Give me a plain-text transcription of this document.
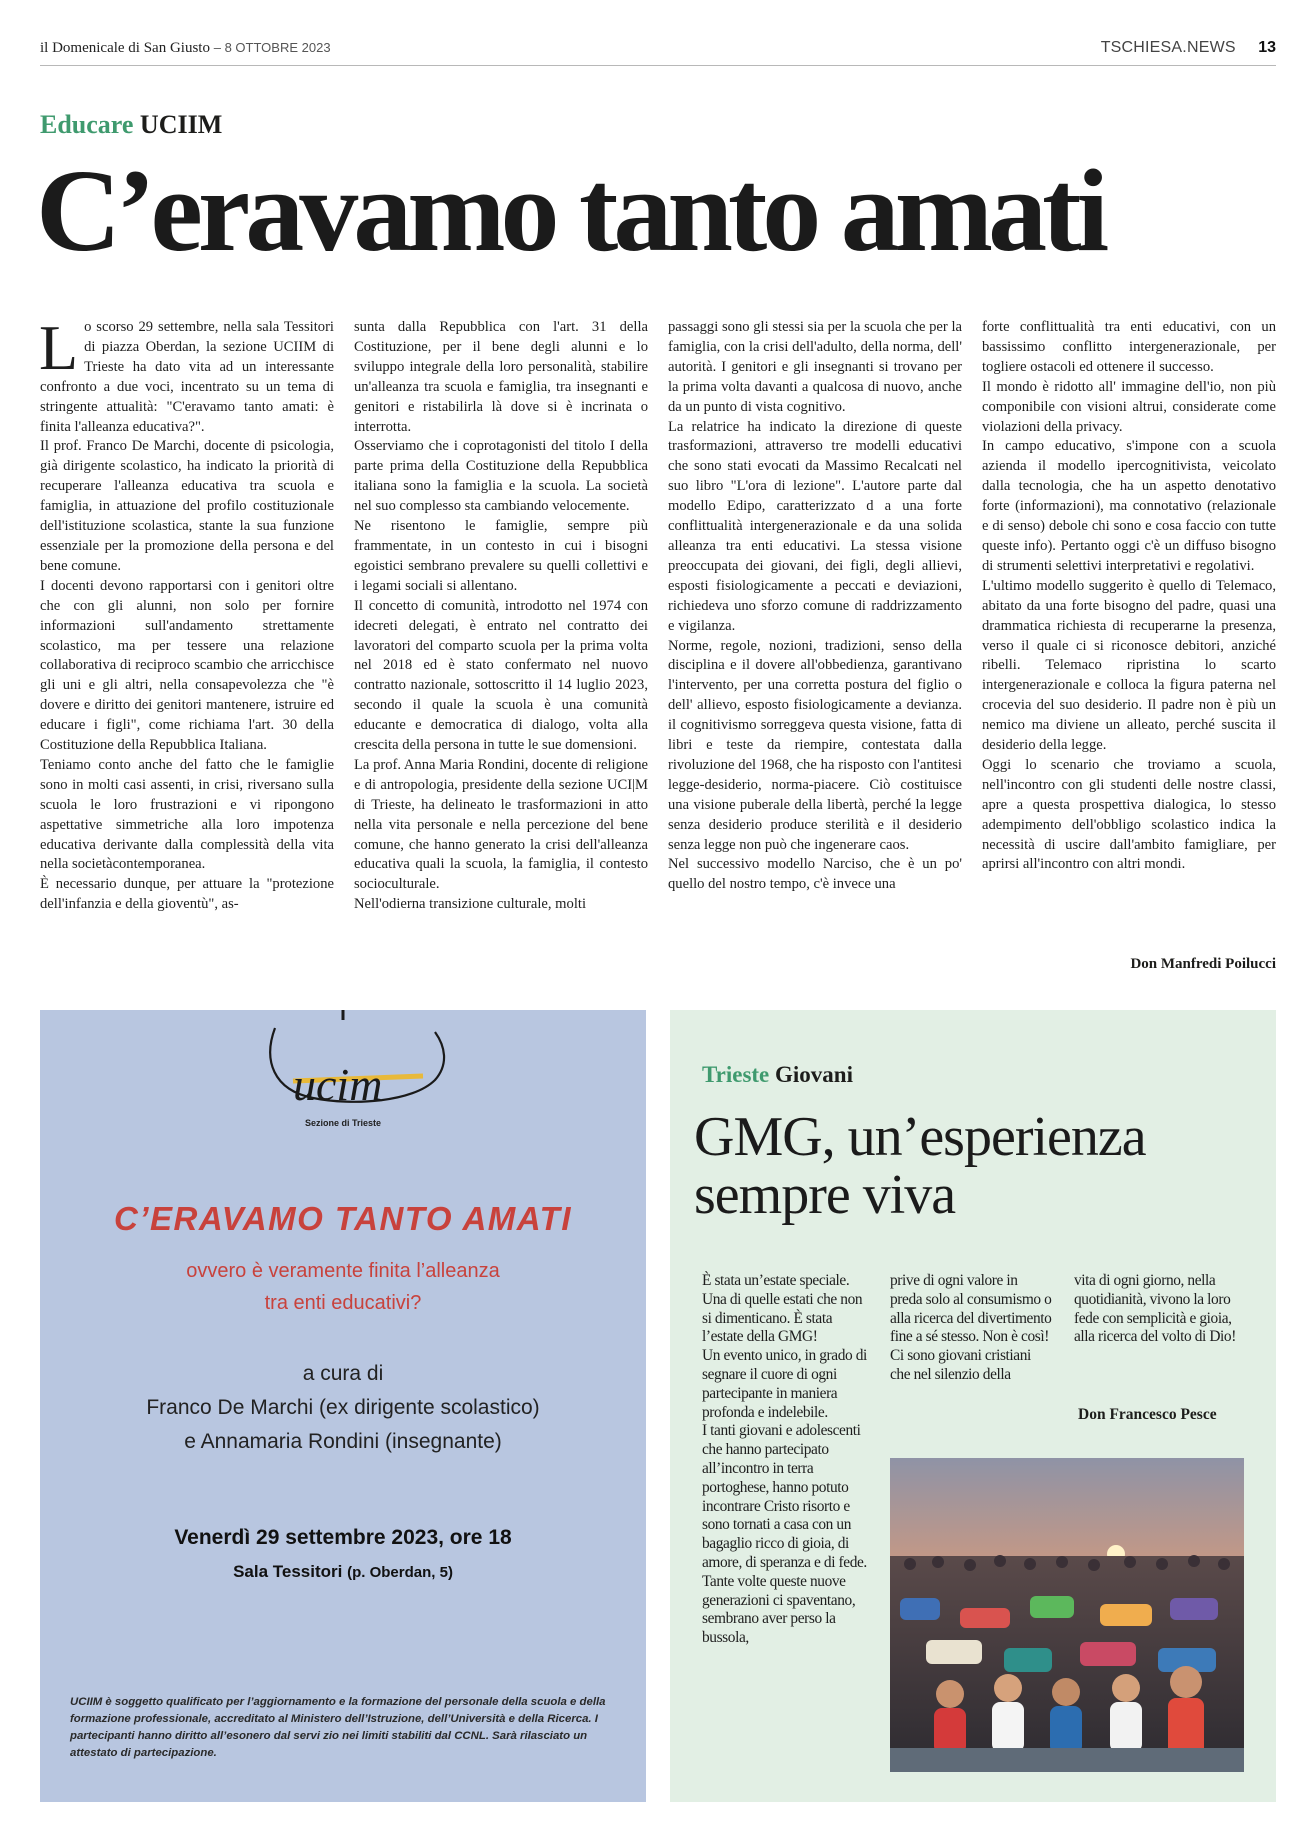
il Domenicale di San Giusto – 8 OTTOBRE 2023	TSCHIESA.NEWS 13
Educare UCIIM
C’eravamo tanto amati

Lo scorso 29 settembre, nella sala Tessitori di piazza Oberdan, la sezione UCIIM di Trieste ha dato vita ad un interessante confronto a due voci, incentrato su un tema di stringente attualità: "C'eravamo tanto amati: è finita l'alleanza educativa?".

Il prof. Franco De Marchi, docente di psicologia, già dirigente scolastico, ha indicato la priorità di recuperare l'alleanza educativa tra scuola e famiglia, in attuazione del profilo costituzionale dell'istituzione scolastica, stante la sua funzione essenziale per la promozione della persona e del bene comune.

I docenti devono rapportarsi con i genitori oltre che con gli alunni, non solo per fornire informazioni sull'andamento strettamente scolastico, ma per tessere una relazione collaborativa di reciproco scambio che arricchisce gli uni e gli altri, nella consapevolezza che "è dovere e diritto dei genitori mantenere, istruire ed educare i figli", come richiama l'art. 30 della Costituzione della Repubblica Italiana.

Teniamo conto anche del fatto che le famiglie sono in molti casi assenti, in crisi, riversano sulla scuola le loro frustrazioni e vi ripongono aspettative simmetriche alla loro impotenza educativa derivante dalla complessità della vita nella societàcontemporanea.

È necessario dunque, per attuare la "protezione dell'infanzia e della gioventù", as-

sunta dalla Repubblica con l'art. 31 della Costituzione, per il bene degli alunni e lo sviluppo integrale della loro personalità, stabilire un'alleanza tra scuola e famiglia, tra insegnanti e genitori e ristabilirla là dove si è incrinata o interrotta.

Osserviamo che i coprotagonisti del titolo I della parte prima della Costituzione della Repubblica italiana sono la famiglia e la scuola. La società nel suo complesso sta cambiando velocemente.

Ne risentono le famiglie, sempre più frammentate, in un contesto in cui i bisogni egoistici sembrano prevalere su quelli collettivi e i legami sociali si allentano.

Il concetto di comunità, introdotto nel 1974 con idecreti delegati, è entrato nel contratto dei lavoratori del comparto scuola per la prima volta nel 2018 ed è stato confermato nel nuovo contratto nazionale, sottoscritto il 14 luglio 2023, secondo il quale la scuola è una comunità educante e democratica di dialogo, volta alla crescita della persona in tutte le sue domensioni.

La prof. Anna Maria Rondini, docente di religione e di antropologia, presidente della sezione UCI|M di Trieste, ha delineato le trasformazioni in atto nella vita personale e nella percezione del bene comune, che hanno generato la crisi dell'alleanza educativa quali la scuola, la famiglia, il contesto socioculturale.

Nell'odierna transizione culturale, molti

passaggi sono gli stessi sia per la scuola che per la famiglia, con la crisi dell'adulto, della norma, dell' autorità. I genitori e gli insegnanti si trovano per la prima volta davanti a qualcosa di nuovo, anche da un punto di vista cognitivo.

La relatrice ha indicato la direzione di queste trasformazioni, attraverso tre modelli educativi che sono stati evocati da Massimo Recalcati nel suo libro "L'ora di lezione". L'autore parte dal modello Edipo, caratterizzato d a una forte conflittualità intergenerazionale e da una solida alleanza tra enti educativi. La stessa visione preoccupata dei giovani, dei figli, degli allievi, esposti fisiologicamente a peccati e deviazioni, richiedeva uno sforzo comune di raddrizzamento e vigilanza.

Norme, regole, nozioni, tradizioni, senso della disciplina e il dovere all'obbedienza, garantivano l'intervento, per una corretta postura del figlio o dell' allievo, esposto fisiologicamente a devianza. il cognitivismo sorreggeva questa visione, fatta di libri e teste da riempire, contestata dalla rivoluzione del 1968, che ha risposto con l'antitesi legge-desiderio, norma-piacere. Ciò costituisce una visione puberale della libertà, perché la legge senza desiderio produce sterilità e il desiderio senza legge non può che ingenerare caos.

Nel successivo modello Narciso, che è un po' quello del nostro tempo, c'è invece una

forte conflittualità tra enti educativi, con un bassissimo conflitto intergenerazionale, per togliere ostacoli ed ottenere il successo.

Il mondo è ridotto all' immagine dell'io, non più componibile con visioni altrui, considerate come violazioni della privacy.

In campo educativo, s'impone con a scuola azienda il modello ipercognitivista, veicolato dalla tecnologia, che ha un aspetto denotativo forte (informazioni), ma connotativo (relazionale e di senso) debole chi sono e cosa faccio con tutte queste info). Pertanto oggi c'è un diffuso bisogno di strumenti selettivi interpretativi e regolativi.

L'ultimo modello suggerito è quello di Telemaco, abitato da una forte bisogno del padre, quasi una drammatica richiesta di recuperarne la presenza, verso il quale ci si riconosce debitori, anziché ribelli. Telemaco ripristina lo scarto intergenerazionale e colloca la figura paterna nel crocevia del suo desiderio. Il padre non è più un nemico ma diviene un alleato, perché suscita il desiderio della legge.

Oggi lo scenario che troviamo a scuola, nell'incontro con gli studenti delle nostre classi, apre a questa prospettiva dialogica, lo stesso adempimento dell'obbligo scolastico indica la necessità di uscire dall'ambito famigliare, per aprirsi all'incontro con altri mondi.

Don Manfredi Poilucci
ucim
Sezione di Trieste
C’ERAVAMO TANTO AMATI
ovvero è veramente finita l’alleanza
tra enti educativi?
a cura di
Franco De Marchi (ex dirigente scolastico)
e Annamaria Rondini (insegnante)
Venerdì 29 settembre 2023, ore 18
Sala Tessitori (p. Oberdan, 5)
UCIIM è soggetto qualificato per l’aggiornamento e la formazione del personale della scuola e della formazione professionale, accreditato al Ministero dell’Istruzione, dell’Università e della Ricerca. I partecipanti hanno diritto all’esonero dal servi zio nei limiti stabiliti dal CCNL. Sarà rilasciato un attestato di partecipazione.
Trieste Giovani
GMG, un’esperienza
sempre viva

È stata un’estate speciale. Una di quelle estati che non si dimenticano. È stata l’estate della GMG!

Un evento unico, in grado di segnare il cuore di ogni partecipante in maniera profonda e indelebile.

I tanti giovani e adolescenti che hanno partecipato all’incontro in terra portoghese, hanno potuto incontrare Cristo risorto e sono tornati a casa con un bagaglio ricco di gioia, di amore, di speranza e di fede.

Tante volte queste nuove generazioni ci spaventano, sembrano aver perso la bussola,

prive di ogni valore in preda solo al consumismo o alla ricerca del divertimento fine a sé stesso. Non è così!

Ci sono giovani cristiani che nel silenzio della

vita di ogni giorno, nella quotidianità, vivono la loro fede con semplicità e gioia, alla ricerca del volto di Dio!

Don Francesco Pesce
